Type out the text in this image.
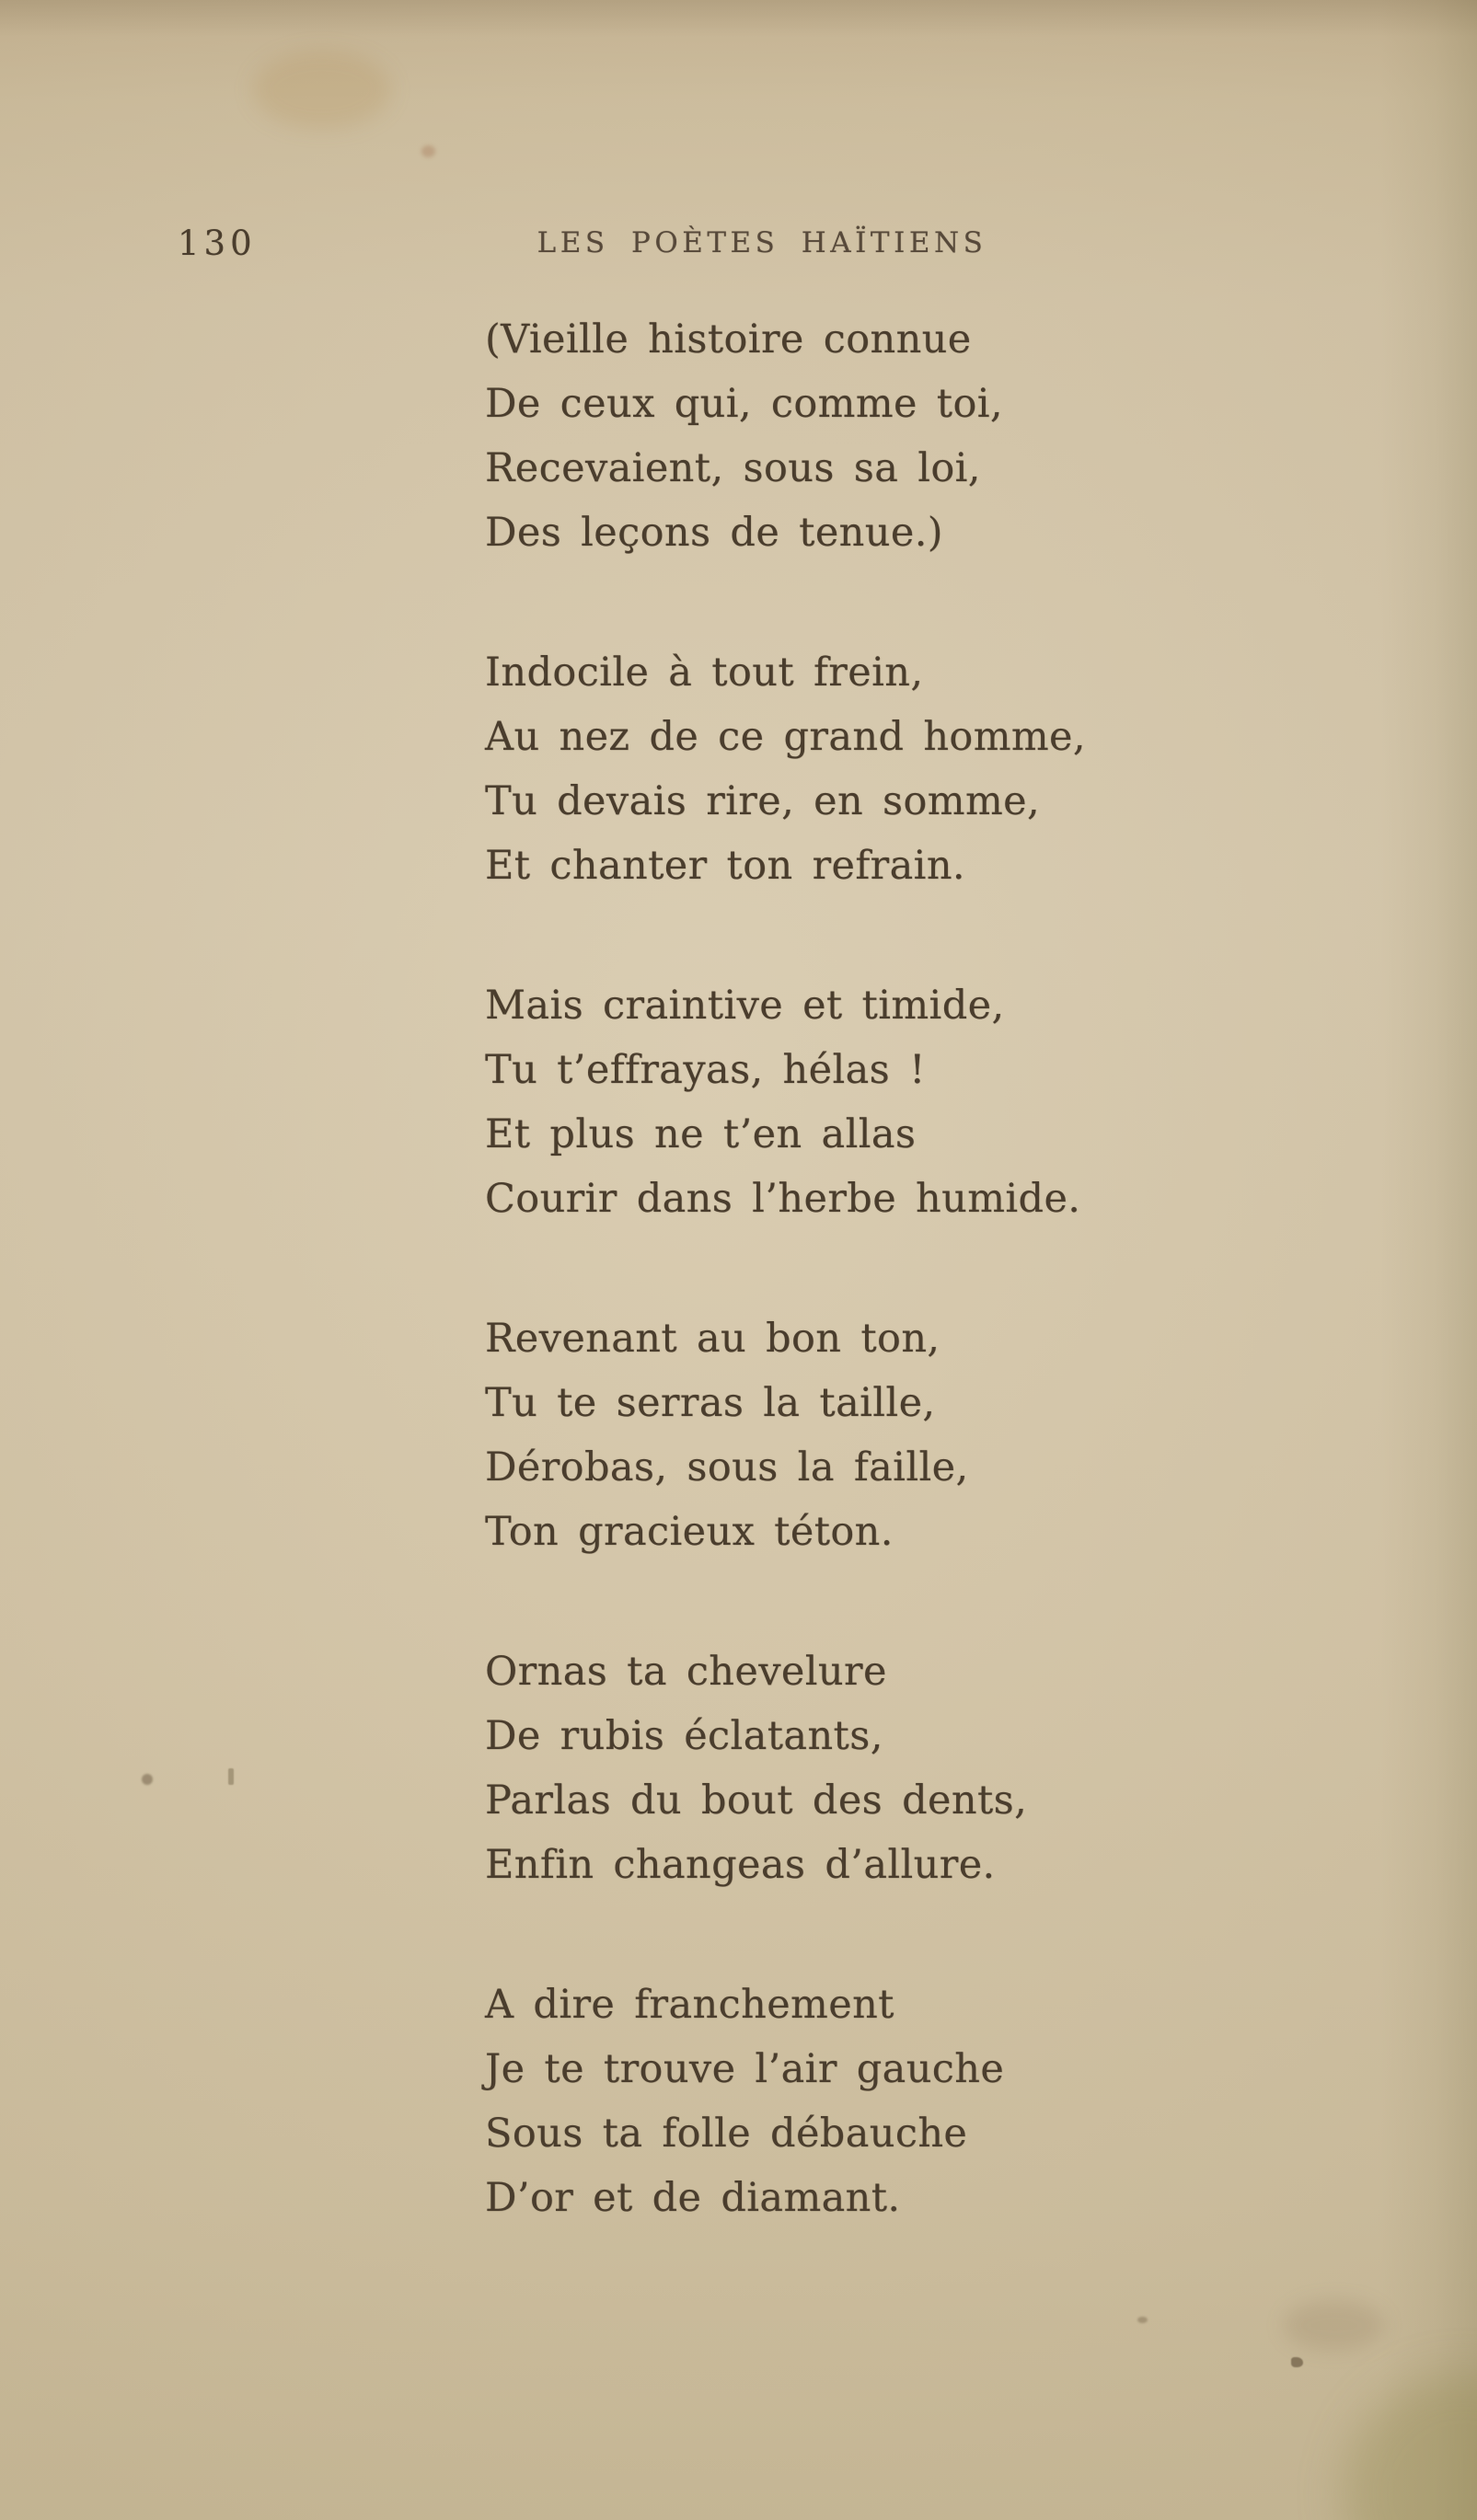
130	LES POÈTES HAÏTIENS
(Vieille histoire connue
De ceux qui, comme toi,
Recevaient, sous sa loi,
Des leçons de tenue.)
Indocile à tout frein,
Au nez de ce grand homme,
Tu devais rire, en somme,
Et chanter ton refrain.
Mais craintive et timide,
Tu t’effrayas, hélas !
Et plus ne t’en allas
Courir dans l’herbe humide.
Revenant au bon ton,
Tu te serras la taille,
Dérobas, sous la faille,
Ton gracieux téton.
Ornas ta chevelure
De rubis éclatants,
Parlas du bout des dents,
Enfin changeas d’allure.
A dire franchement
Je te trouve l’air gauche
Sous ta folle débauche
D’or et de diamant.
